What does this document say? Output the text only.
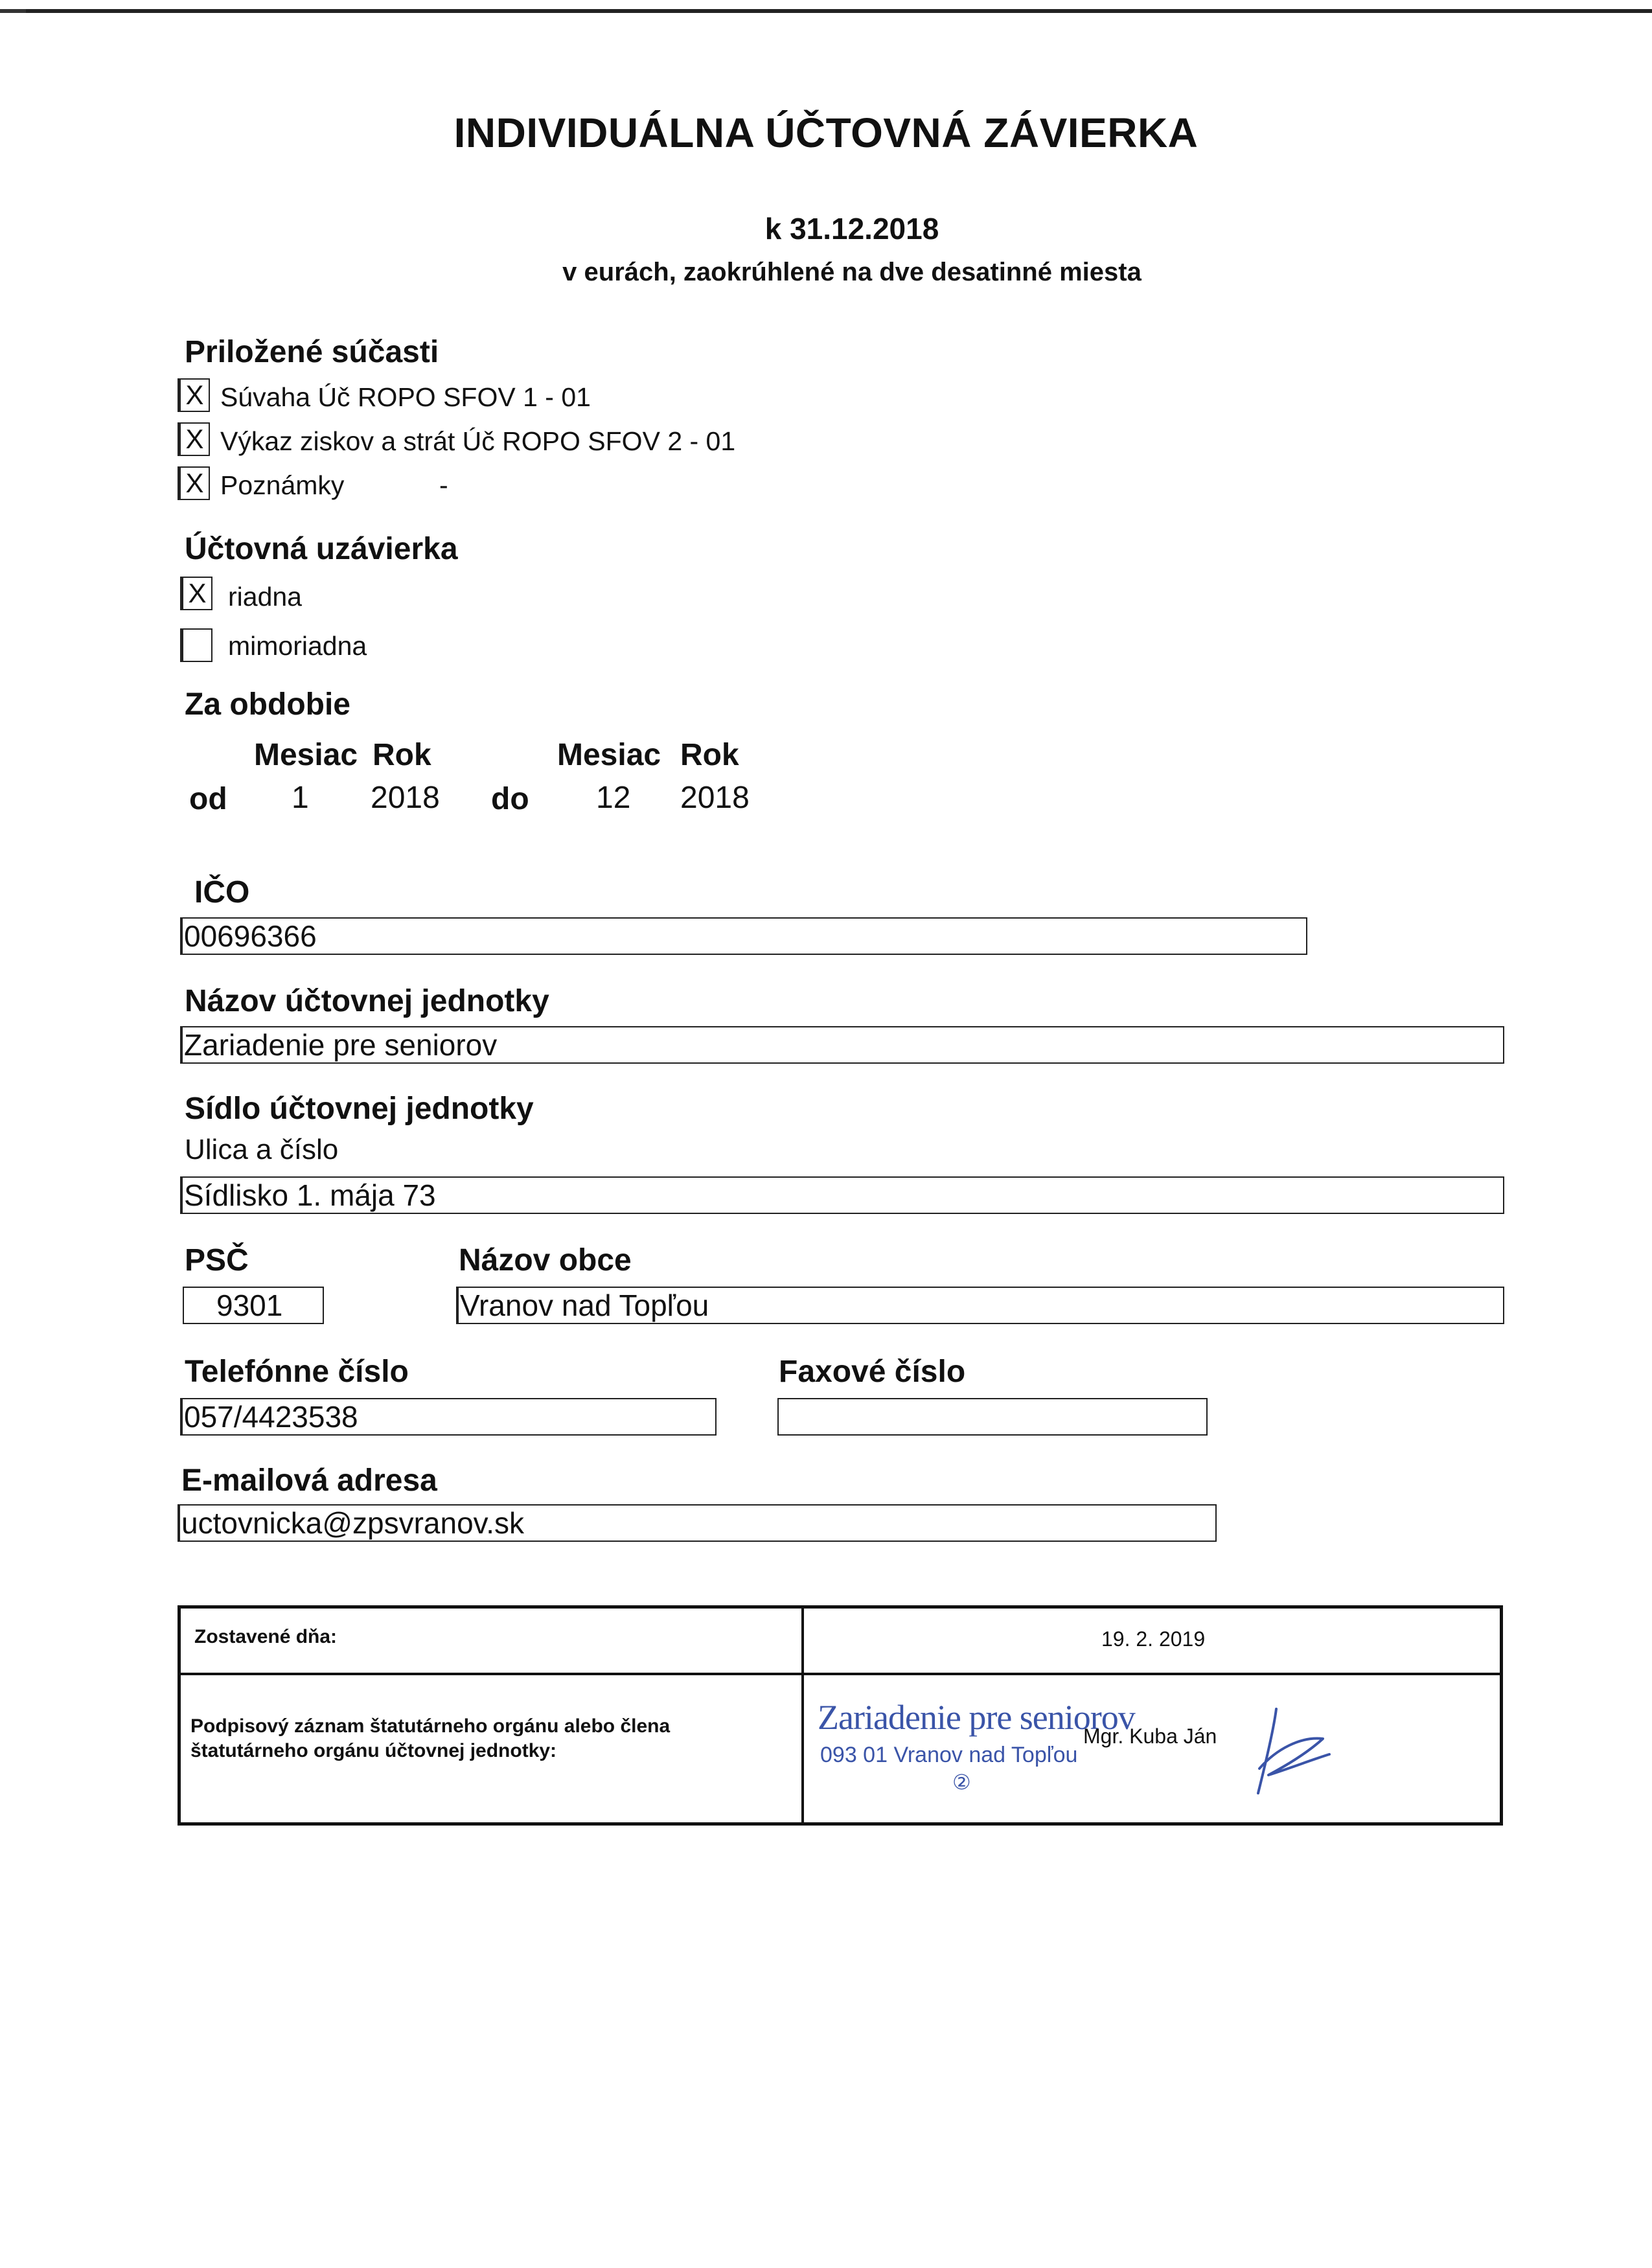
INDIVIDUÁLNA ÚČTOVNÁ ZÁVIERKA
k 31.12.2018
v eurách, zaokrúhlené na dve desatinné miesta
Priložené súčasti
X Súvaha Úč ROPO SFOV 1 - 01
X Výkaz ziskov a strát Úč ROPO SFOV 2 - 01
X Poznámky	-
Účtovná uzávierka
X riadna
mimoriadna
Za obdobie
Mesiac Rok	Mesiac Rok
od 1 2018 do 12 2018
IČO
00696366
Názov účtovnej jednotky
Zariadenie pre seniorov
Sídlo účtovnej jednotky
Ulica a číslo
Sídlisko 1. mája 73
PSČ	Názov obce
9301	Vranov nad Topľou
Telefónne číslo	Faxové číslo
057/4423538
E-mailová adresa
uctovnicka@zpsvranov.sk
Zostavené dňa:	19. 2. 2019
Podpisový záznam štatutárneho orgánu alebo člena
štatutárneho orgánu účtovnej jednotky:
Zariadenie pre seniorov
093 01 Vranov nad Topľou
②
Mgr. Kuba Ján
